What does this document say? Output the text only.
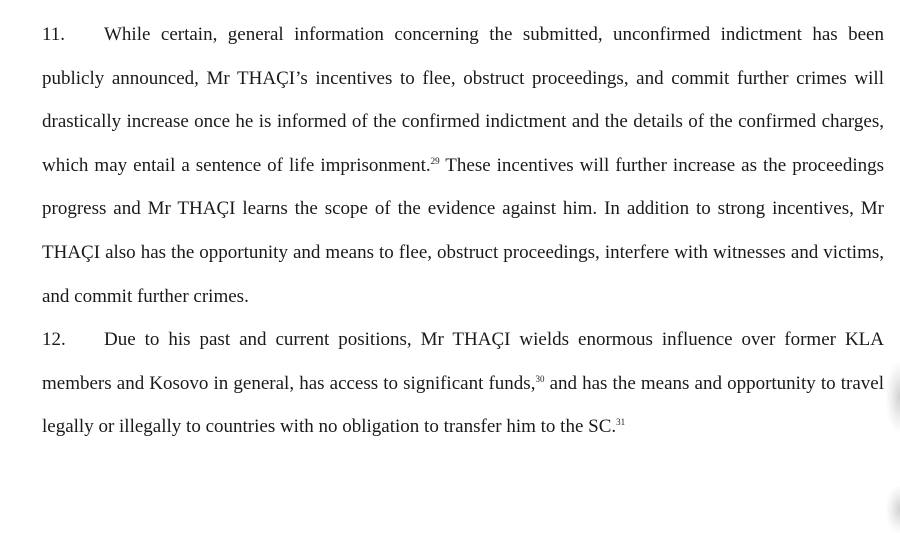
11. While certain, general information concerning the submitted, unconfirmed indictment has been publicly announced, Mr THAÇI’s incentives to flee, obstruct proceedings, and commit further crimes will drastically increase once he is informed of the confirmed indictment and the details of the confirmed charges, which may entail a sentence of life imprisonment.$^{29}$ These incentives will further increase as the proceedings progress and Mr THAÇI learns the scope of the evidence against him. In addition to strong incentives, Mr THAÇI also has the opportunity and means to flee, obstruct proceedings, interfere with witnesses and victims, and commit further crimes.

12. Due to his past and current positions, Mr THAÇI wields enormous influence over former KLA members and Kosovo in general, has access to significant funds,$^{30}$ and has the means and opportunity to travel legally or illegally to countries with no obligation to transfer him to the SC.$^{31}$
